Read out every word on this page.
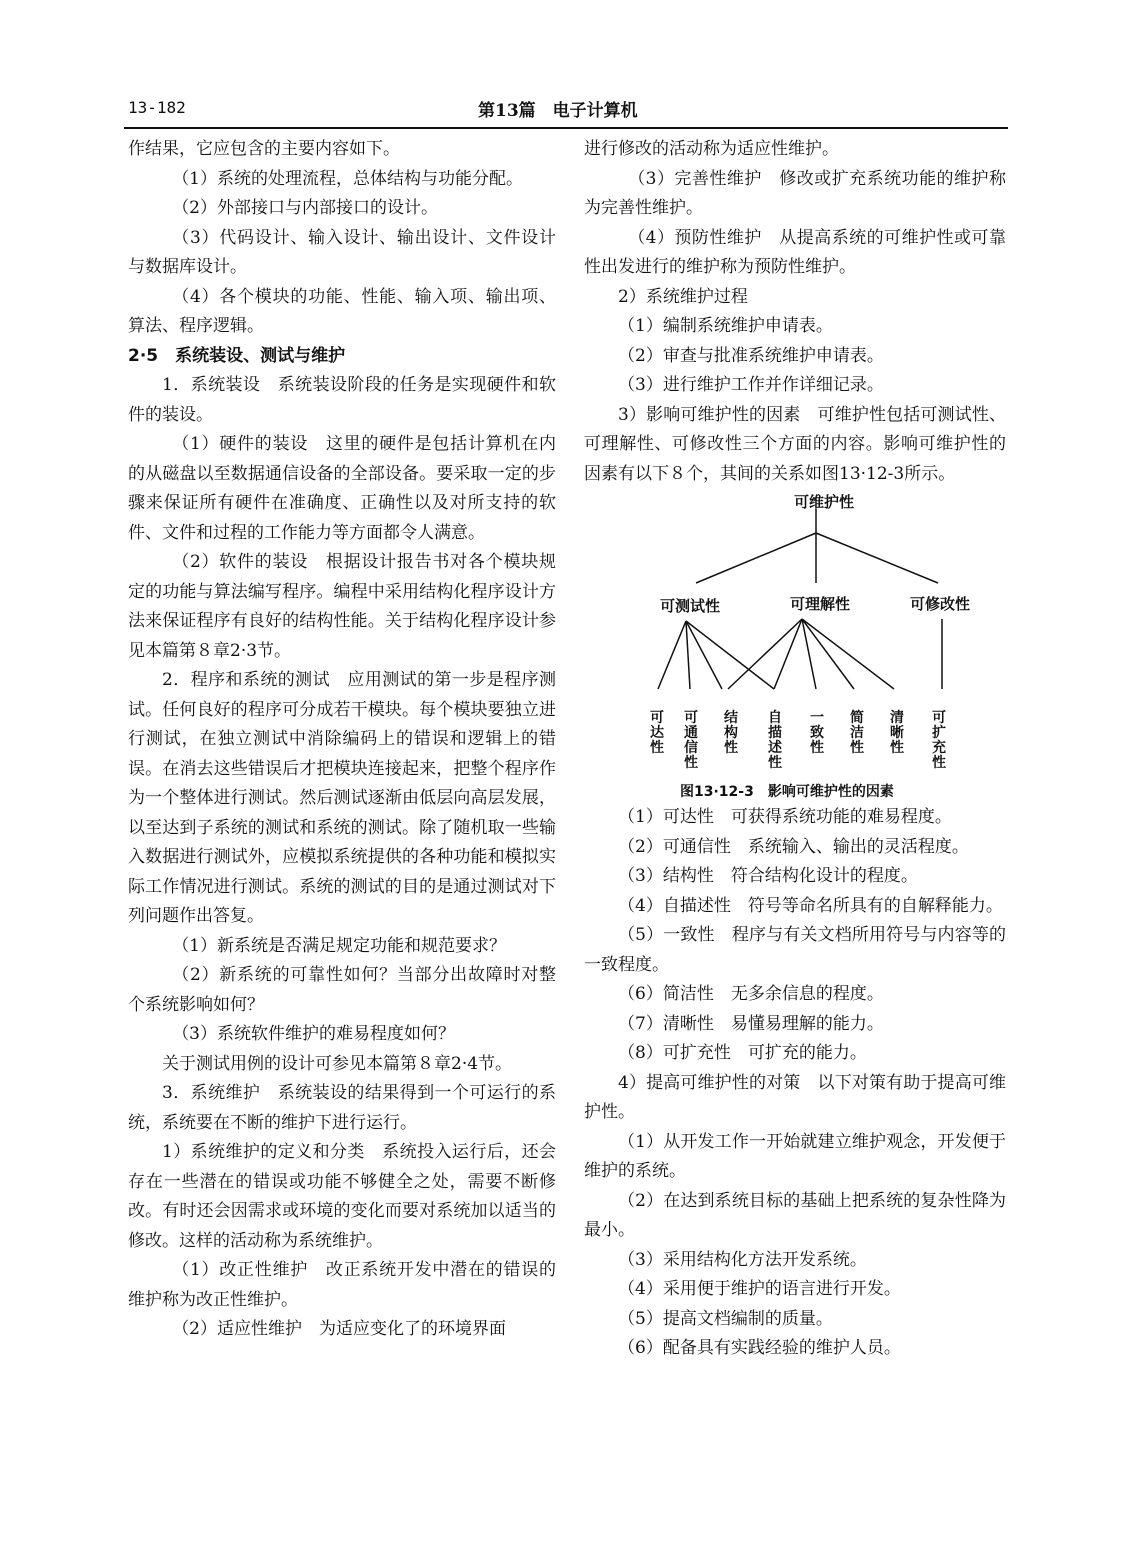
13-182	第13篇　电子计算机

作结果，它应包含的主要内容如下。

（1）系统的处理流程，总体结构与功能分配。

（2）外部接口与内部接口的设计。

（3）代码设计、输入设计、输出设计、文件设计与数据库设计。

（4）各个模块的功能、性能、输入项、输出项、算法、程序逻辑。

2·5　系统装设、测试与维护

1．系统装设　系统装设阶段的任务是实现硬件和软件的装设。

（1）硬件的装设　这里的硬件是包括计算机在内的从磁盘以至数据通信设备的全部设备。要采取一定的步骤来保证所有硬件在准确度、正确性以及对所支持的软件、文件和过程的工作能力等方面都令人满意。

（2）软件的装设　根据设计报告书对各个模块规定的功能与算法编写程序。编程中采用结构化程序设计方法来保证程序有良好的结构性能。关于结构化程序设计参见本篇第８章2·3节。

2．程序和系统的测试　应用测试的第一步是程序测试。任何良好的程序可分成若干模块。每个模块要独立进行测试，在独立测试中消除编码上的错误和逻辑上的错误。在消去这些错误后才把模块连接起来，把整个程序作为一个整体进行测试。然后测试逐渐由低层向高层发展，以至达到子系统的测试和系统的测试。除了随机取一些输入数据进行测试外，应模拟系统提供的各种功能和模拟实际工作情况进行测试。系统的测试的目的是通过测试对下列问题作出答复。

（1）新系统是否满足规定功能和规范要求？

（2）新系统的可靠性如何？当部分出故障时对整个系统影响如何？

（3）系统软件维护的难易程度如何？

关于测试用例的设计可参见本篇第８章2·4节。

3．系统维护　系统装设的结果得到一个可运行的系统，系统要在不断的维护下进行运行。

1）系统维护的定义和分类　系统投入运行后，还会存在一些潜在的错误或功能不够健全之处，需要不断修改。有时还会因需求或环境的变化而要对系统加以适当的修改。这样的活动称为系统维护。

（1）改正性维护　改正系统开发中潜在的错误的维护称为改正性维护。

（2）适应性维护　为适应变化了的环境界面

进行修改的活动称为适应性维护。

（3）完善性维护　修改或扩充系统功能的维护称为完善性维护。

（4）预防性维护　从提高系统的可维护性或可靠性出发进行的维护称为预防性维护。

2）系统维护过程

（1）编制系统维护申请表。

（2）审查与批准系统维护申请表。

（3）进行维护工作并作详细记录。

3）影响可维护性的因素　可维护性包括可测试性、可理解性、可修改性三个方面的内容。影响可维护性的因素有以下８个，其间的关系如图13·12-3所示。

可维护性
可测试性	可理解性	可修改性
可达性
可通信性
结构性
自描述性
一致性
简洁性
清晰性
可扩充性
图13·12-3　影响可维护性的因素

（1）可达性　可获得系统功能的难易程度。

（2）可通信性　系统输入、输出的灵活程度。

（3）结构性　符合结构化设计的程度。

（4）自描述性　符号等命名所具有的自解释能力。

（5）一致性　程序与有关文档所用符号与内容等的一致程度。

（6）简洁性　无多余信息的程度。

（7）清晰性　易懂易理解的能力。

（8）可扩充性　可扩充的能力。

4）提高可维护性的对策　以下对策有助于提高可维护性。

（1）从开发工作一开始就建立维护观念，开发便于维护的系统。

（2）在达到系统目标的基础上把系统的复杂性降为最小。

（3）采用结构化方法开发系统。

（4）采用便于维护的语言进行开发。

（5）提高文档编制的质量。

（6）配备具有实践经验的维护人员。
